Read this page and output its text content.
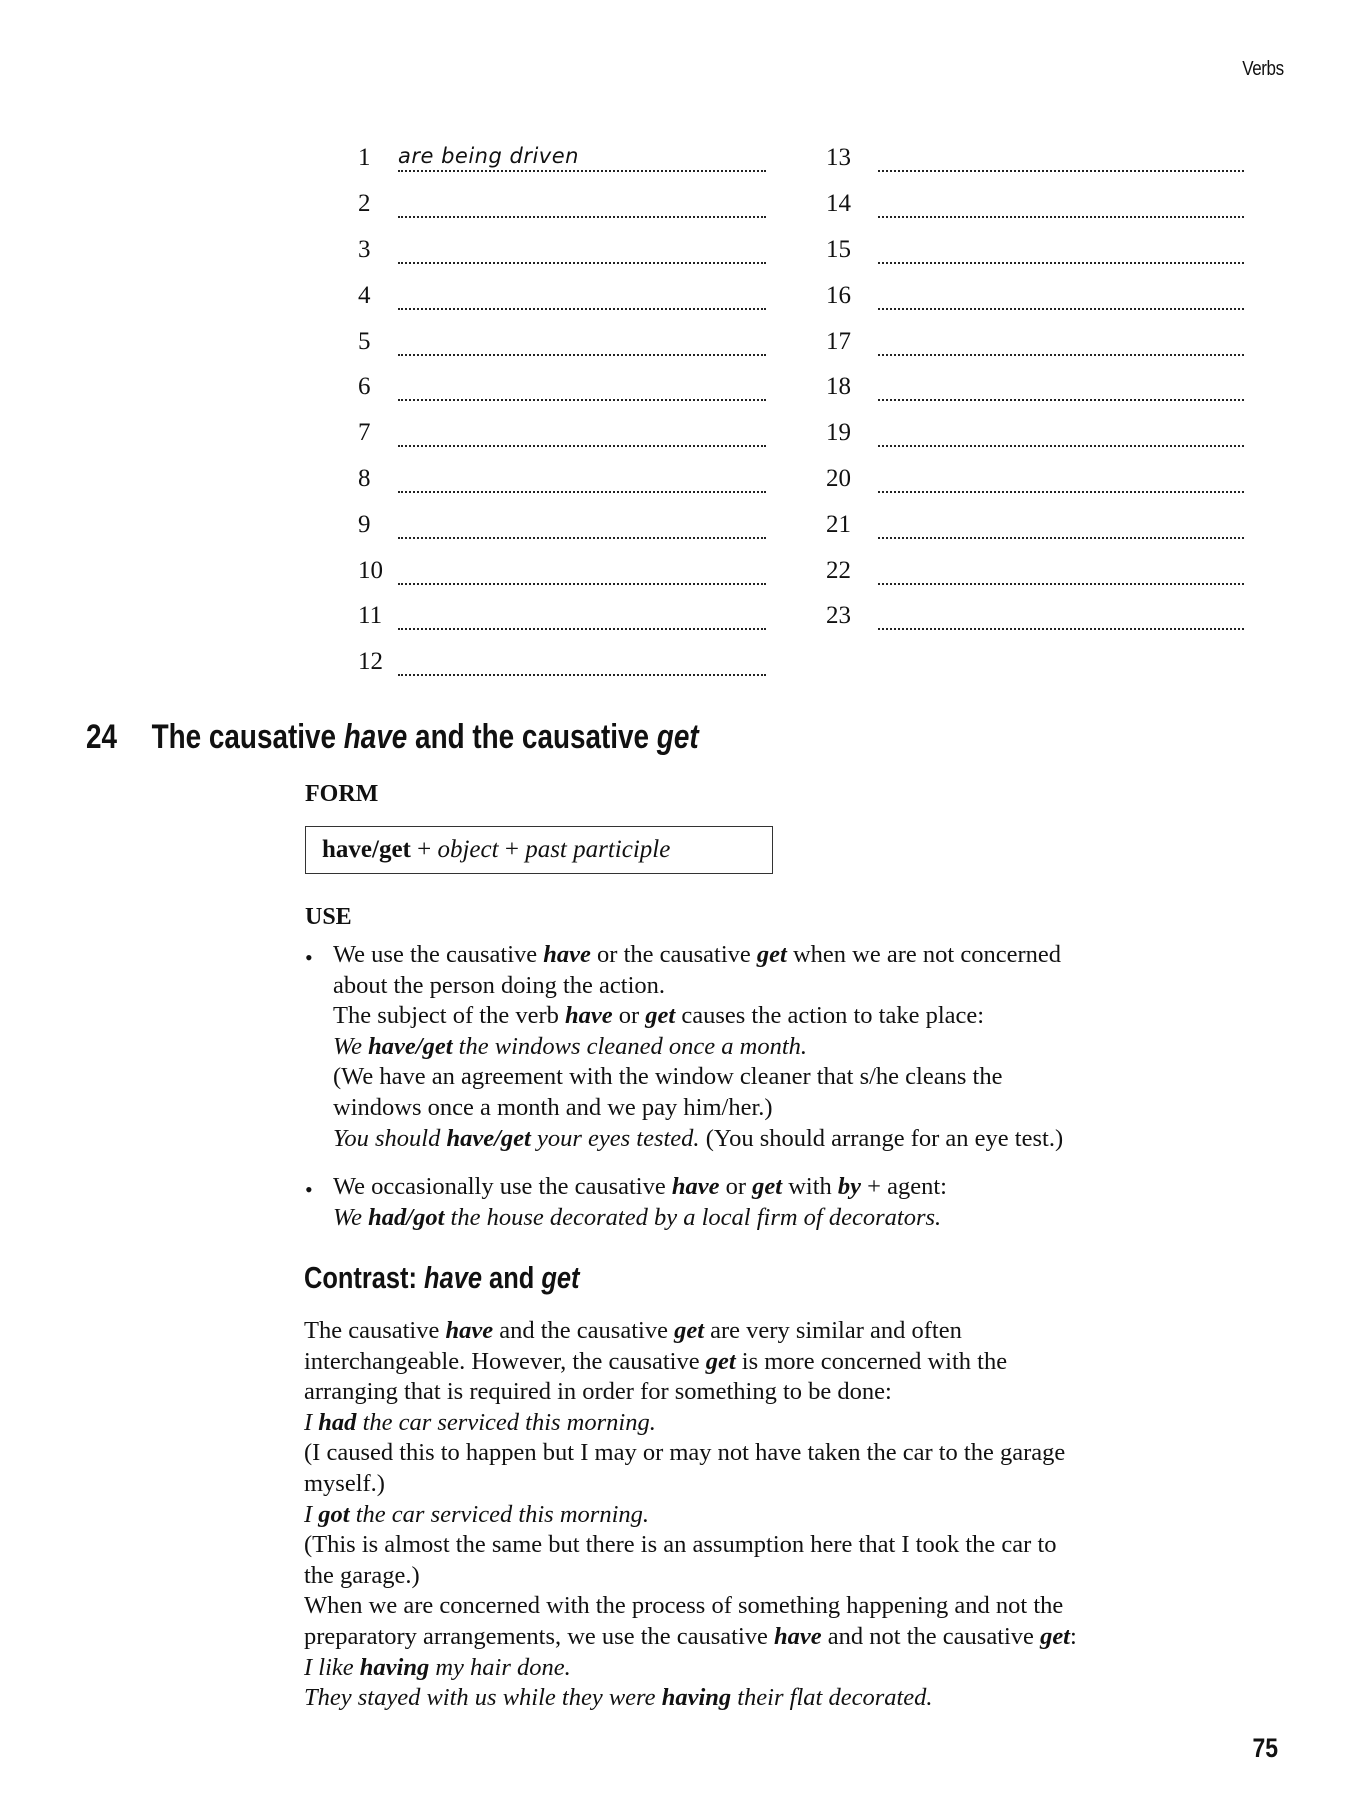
Verbs
1	are being driven
2
3
4
5
6
7
8
9
10
11
12
13
14
15
16
17
18
19
20
21
22
23
24 The causative have and the causative get
FORM
have/get + object + past participle
USE
• We use the causative have or the causative get when we are not concerned

about the person doing the action.

The subject of the verb have or get causes the action to take place:

We have/get the windows cleaned once a month.

(We have an agreement with the window cleaner that s/he cleans the

windows once a month and we pay him/her.)

You should have/get your eyes tested. (You should arrange for an eye test.)

• We occasionally use the causative have or get with by + agent:

We had/got the house decorated by a local firm of decorators.

Contrast: have and get

The causative have and the causative get are very similar and often

interchangeable. However, the causative get is more concerned with the

arranging that is required in order for something to be done:

I had the car serviced this morning.

(I caused this to happen but I may or may not have taken the car to the garage

myself.)

I got the car serviced this morning.

(This is almost the same but there is an assumption here that I took the car to

the garage.)

When we are concerned with the process of something happening and not the

preparatory arrangements, we use the causative have and not the causative get:

I like having my hair done.

They stayed with us while they were having their flat decorated.

75
